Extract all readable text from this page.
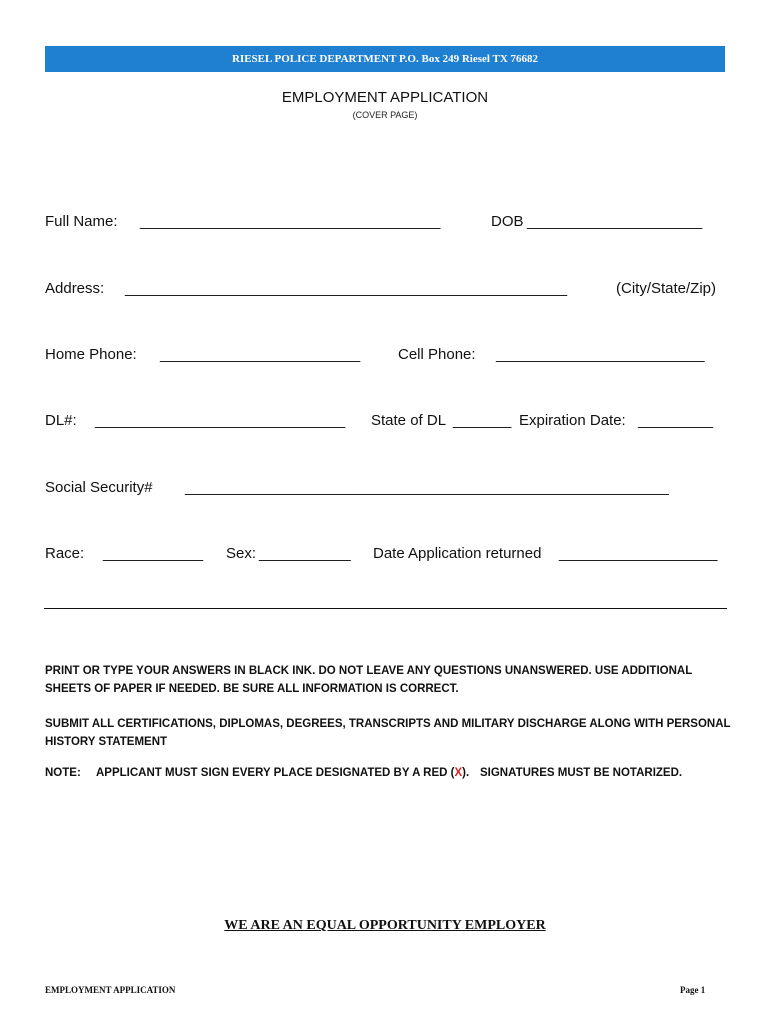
RIESEL POLICE DEPARTMENT P.O. Box 249 Riesel TX 76682
EMPLOYMENT APPLICATION
(COVER PAGE)
Full Name: ____________________________________	DOB _____________________
Address: _____________________________________________________	(City/State/Zip)
Home Phone: ________________________	Cell Phone: _________________________
DL#: ______________________________ State of DL _______ Expiration Date: _________
Social Security# __________________________________________________________
Race: ____________ Sex: ___________ Date Application returned ___________________
PRINT OR TYPE YOUR ANSWERS IN BLACK INK. DO NOT LEAVE ANY QUESTIONS UNANSWERED. USE ADDITIONAL SHEETS OF PAPER IF NEEDED. BE SURE ALL INFORMATION IS CORRECT.
SUBMIT ALL CERTIFICATIONS, DIPLOMAS, DEGREES, TRANSCRIPTS AND MILITARY DISCHARGE ALONG WITH PERSONAL HISTORY STATEMENT
NOTE: APPLICANT MUST SIGN EVERY PLACE DESIGNATED BY A RED (X). SIGNATURES MUST BE NOTARIZED.
WE ARE AN EQUAL OPPORTUNITY EMPLOYER
EMPLOYMENT APPLICATION	Page 1
